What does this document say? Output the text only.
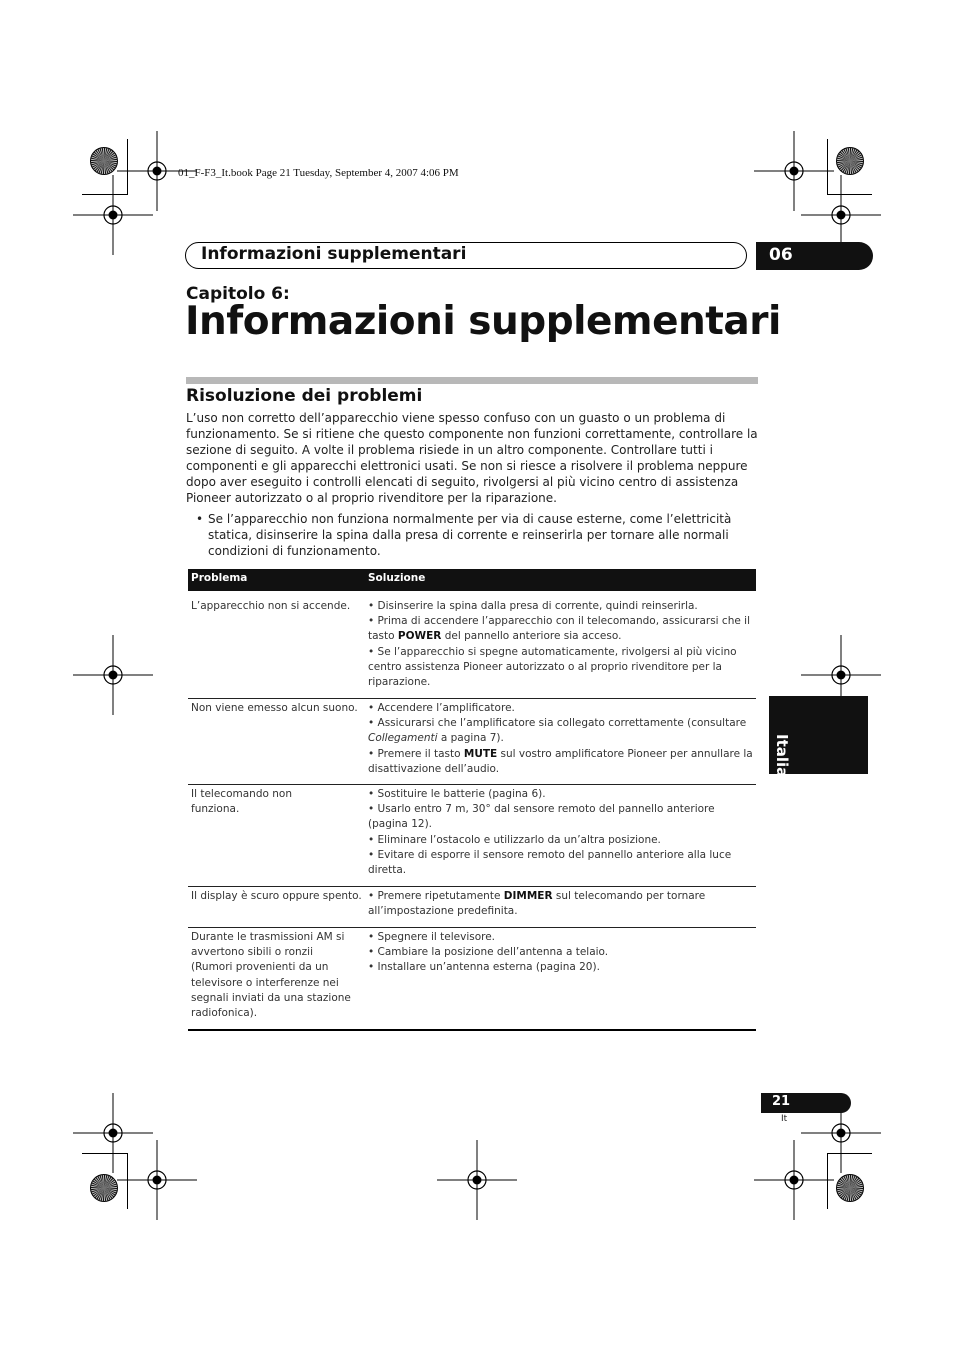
01_F-F3_It.book Page 21 Tuesday, September 4, 2007 4:06 PM
Informazioni supplementari	06
Capitolo 6:
Informazioni supplementari
Risoluzione dei problemi
L’uso non corretto dell’apparecchio viene spesso confuso con un guasto o un problema di
funzionamento. Se si ritiene che questo componente non funzioni correttamente, controllare la
sezione di seguito. A volte il problema risiede in un altro componente. Controllare tutti i
componenti e gli apparecchi elettronici usati. Se non si riesce a risolvere il problema neppure
dopo aver eseguito i controlli elencati di seguito, rivolgersi al più vicino centro di assistenza
Pioneer autorizzato o al proprio rivenditore per la riparazione.
• Se l’apparecchio non funziona normalmente per via di cause esterne, come l’elettricità
statica, disinserire la spina dalla presa di corrente e reinserirla per tornare alle normali
condizioni di funzionamento.
Problema	Soluzione
L’apparecchio non si accende.	• Disinserire la spina dalla presa di corrente, quindi reinserirla.
• Prima di accendere l’apparecchio con il telecomando, assicurarsi che il
tasto POWER del pannello anteriore sia acceso.
• Se l’apparecchio si spegne automaticamente, rivolgersi al più vicino
centro assistenza Pioneer autorizzato o al proprio rivenditore per la
riparazione.
Non viene emesso alcun suono. • Accendere l’amplificatore.
• Assicurarsi che l’amplificatore sia collegato correttamente (consultare
Collegamenti a pagina 7).
• Premere il tasto MUTE sul vostro amplificatore Pioneer per annullare la
disattivazione dell’audio.
Il telecomando non
funziona.
• Sostituire le batterie (pagina 6).
• Usarlo entro 7 m, 30° dal sensore remoto del pannello anteriore
(pagina 12).
• Eliminare l’ostacolo e utilizzarlo da un’altra posizione.
• Evitare di esporre il sensore remoto del pannello anteriore alla luce
diretta.
Il display è scuro oppure spento. • Premere ripetutamente DIMMER sul telecomando per tornare
all’impostazione predefinita.
Durante le trasmissioni AM si
avvertono sibili o ronzii
(Rumori provenienti da un
televisore o interferenze nei
segnali inviati da una stazione
radiofonica).
• Spegnere il televisore.
• Cambiare la posizione dell’antenna a telaio.
• Installare un’antenna esterna (pagina 20).
Italiano
21
It
